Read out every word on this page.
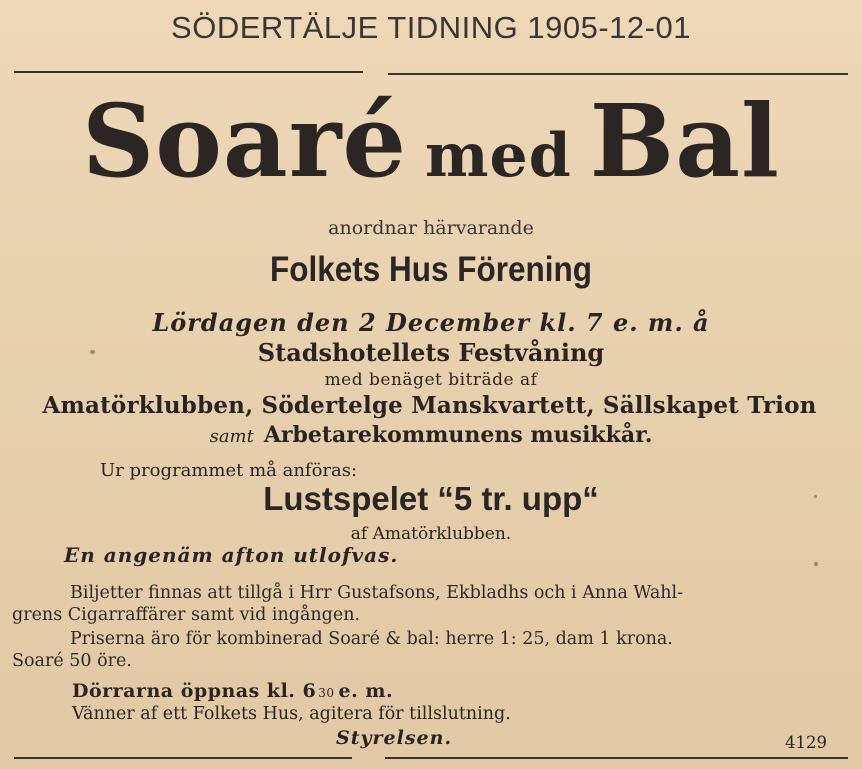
SÖDERTÄLJE TIDNING 1905-12-01
Soaré med Bal
anordnar härvarande
Folkets Hus Förening
Lördagen den 2 December kl. 7 e. m. å
Stadshotellets Festvåning
med benäget biträde af
Amatörklubben, Södertelge Manskvartett, Sällskapet Trion
samt Arbetarekommunens musikkår.
Ur programmet må anföras:
Lustspelet “5 tr. upp“
af Amatörklubben.
En angenäm afton utlofvas.
Biljetter finnas att tillgå i Hrr Gustafsons, Ekbladhs och i Anna Wahl-
grens Cigarraffärer samt vid ingången.
Priserna äro för kombinerad Soaré & bal: herre 1: 25, dam 1 krona.
Soaré 50 öre.
Dörrarna öppnas kl. 6 30 e. m.
Vänner af ett Folkets Hus, agitera för tillslutning.
Styrelsen.	4129
